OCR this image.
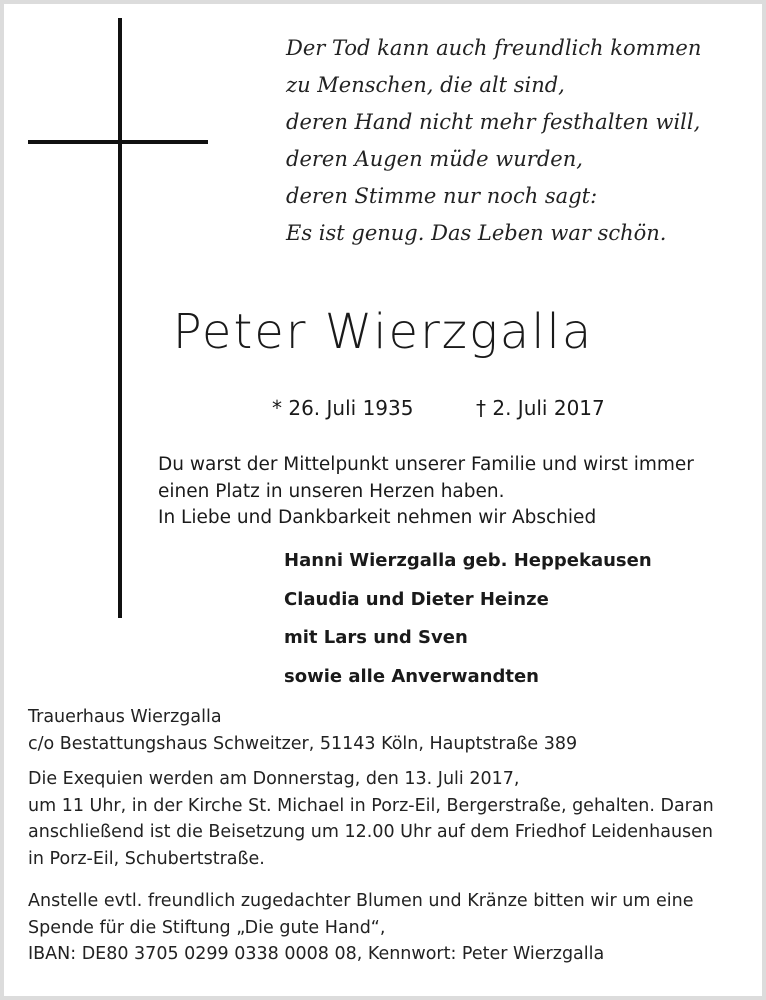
Der Tod kann auch freundlich kommen
zu Menschen, die alt sind,
deren Hand nicht mehr festhalten will,
deren Augen müde wurden,
deren Stimme nur noch sagt:
Es ist genug. Das Leben war schön.
Peter Wierzgalla
* 26. Juli 1935	† 2. Juli 2017
Du warst der Mittelpunkt unserer Familie und wirst immer
einen Platz in unseren Herzen haben.
In Liebe und Dankbarkeit nehmen wir Abschied
Hanni Wierzgalla geb. Heppekausen
Claudia und Dieter Heinze
mit Lars und Sven
sowie alle Anverwandten
Trauerhaus Wierzgalla
c/o Bestattungshaus Schweitzer, 51143 Köln, Hauptstraße 389
Die Exequien werden am Donnerstag, den 13. Juli 2017,
um 11 Uhr, in der Kirche St. Michael in Porz-Eil, Bergerstraße, gehalten. Daran
anschließend ist die Beisetzung um 12.00 Uhr auf dem Friedhof Leidenhausen
in Porz-Eil, Schubertstraße.
Anstelle evtl. freundlich zugedachter Blumen und Kränze bitten wir um eine
Spende für die Stiftung „Die gute Hand“,
IBAN: DE80 3705 0299 0338 0008 08, Kennwort: Peter Wierzgalla
